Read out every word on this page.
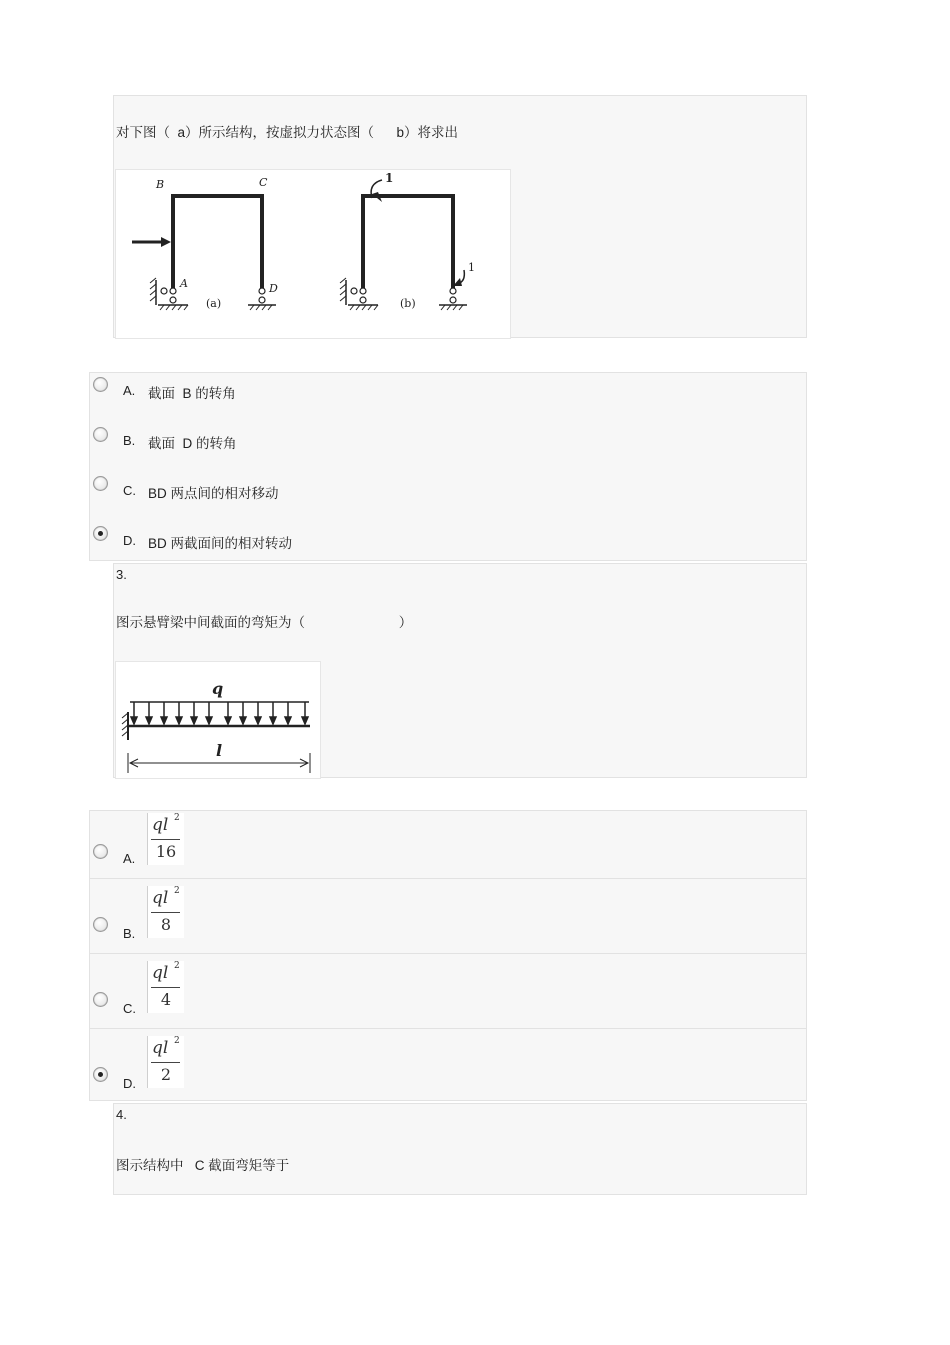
对下图（  a）所示结构，按虚拟力状态图（      b）将求出
B	C
A	D
(a)
1
1
(b)
A. 截面  B 的转角
B. 截面  D 的转角
C. BD 两点间的相对移动
D. BD 两截面间的相对转动
3.
图示悬臂梁中间截面的弯矩为（                         ）
q
l
A.
ql 2
16
B.
ql 2
8
C.
ql 2
4
D.
ql 2
2
4.
图示结构中   C 截面弯矩等于
